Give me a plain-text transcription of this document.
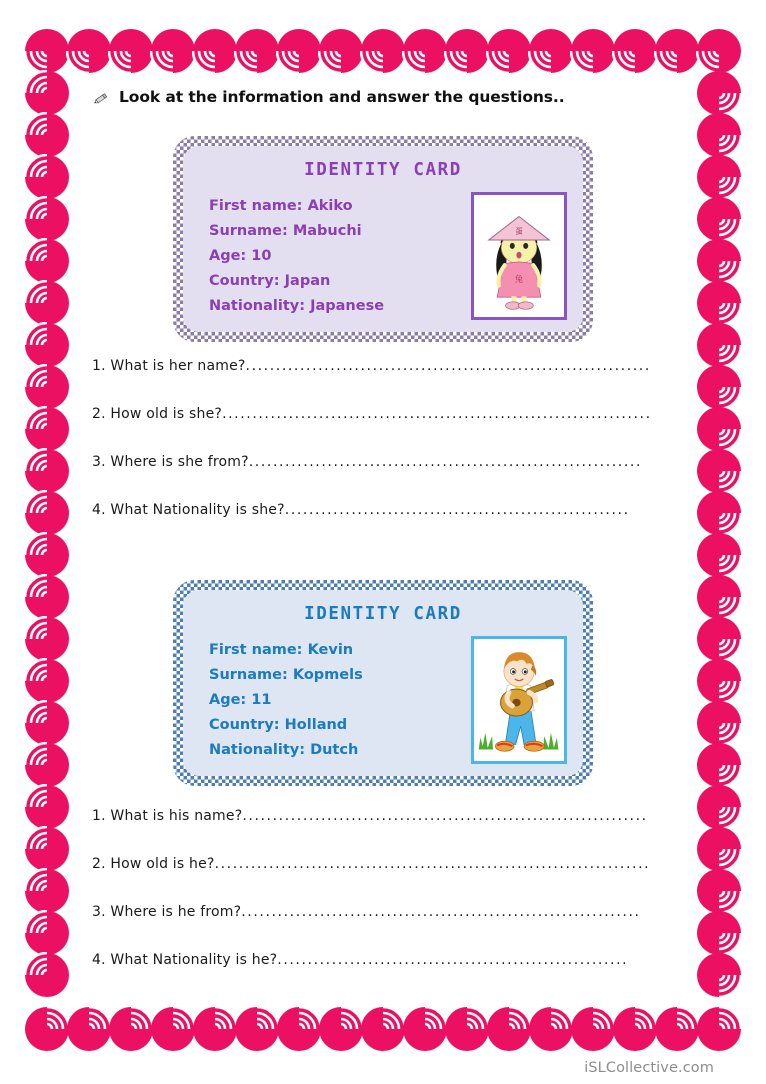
Look at the information and answer the questions..
IDENTITY CARD
First name: Akiko
Surname: Mabuchi
Age: 10
Country: Japan
Nationality: Japanese
蛋
兔
1. What is her name? ...................................................................
2. How old is she? .......................................................................
3. Where is she from? .................................................................
4. What Nationality is she? .........................................................
IDENTITY CARD
First name: Kevin
Surname: Kopmels
Age: 11
Country: Holland
Nationality: Dutch
1. What is his name? ...................................................................
2. How old is he? ........................................................................
3. Where is he from? ..................................................................
4. What Nationality is he? ..........................................................
iSLCollective.com
